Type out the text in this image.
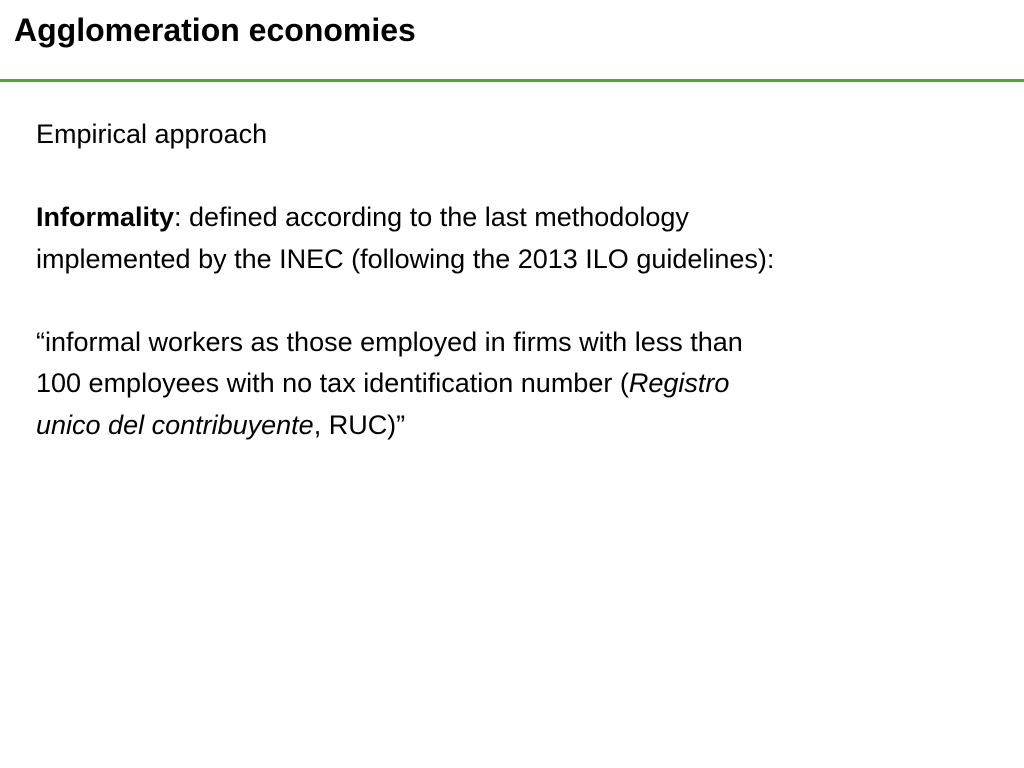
Agglomeration economies

Empirical approach

Informality: defined according to the last methodology
implemented by the INEC (following the 2013 ILO guidelines):

“informal workers as those employed in firms with less than
100 employees with no tax identification number (Registro
unico del contribuyente, RUC)”
